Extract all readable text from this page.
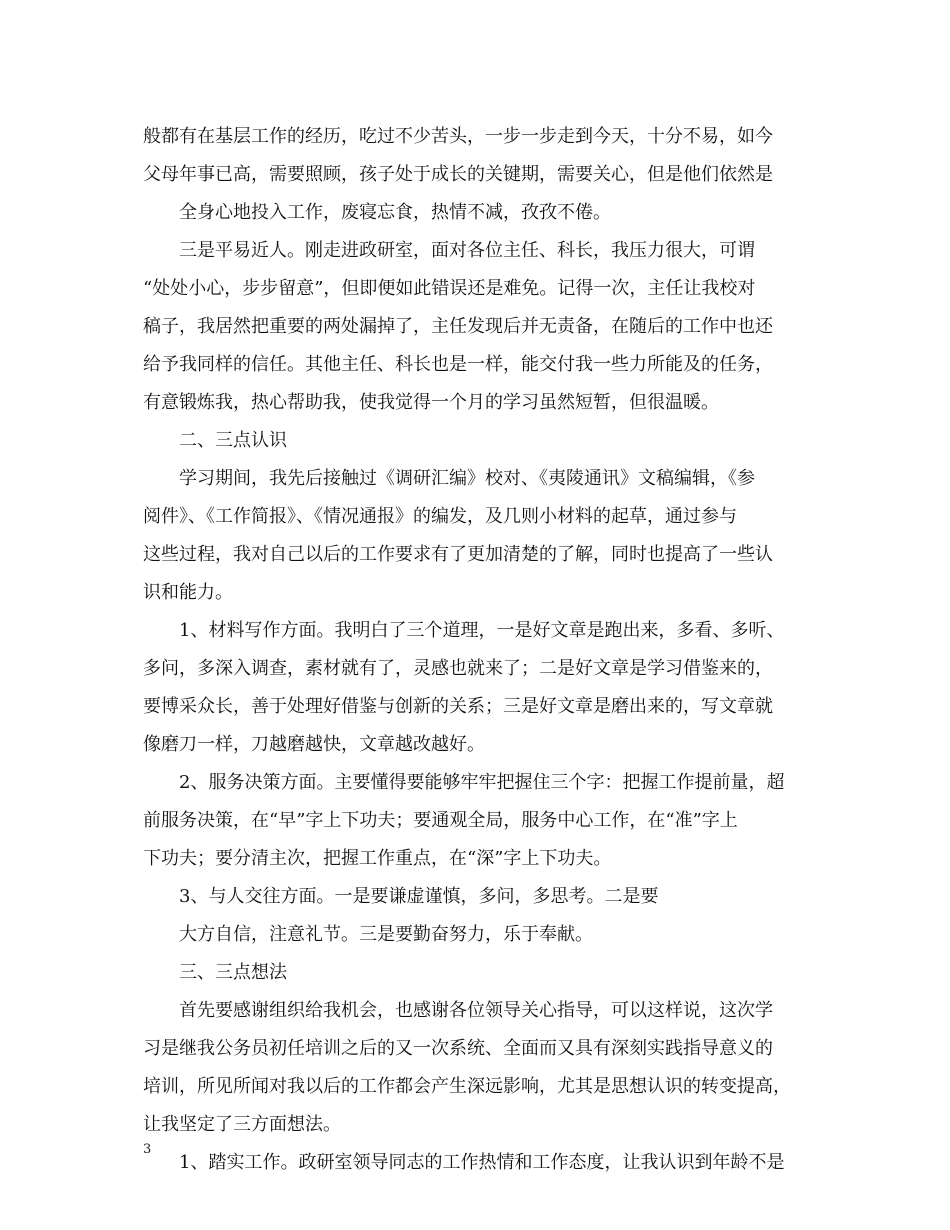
般都有在基层工作的经历，吃过不少苦头，一步一步走到今天，十分不易，如今
父母年事已高，需要照顾，孩子处于成长的关键期，需要关心，但是他们依然是
全身心地投入工作，废寝忘食，热情不减，孜孜不倦。
三是平易近人。刚走进政研室，面对各位主任、科长，我压力很大，可谓
“处处小心，步步留意”，但即便如此错误还是难免。记得一次，主任让我校对
稿子，我居然把重要的两处漏掉了，主任发现后并无责备，在随后的工作中也还
给予我同样的信任。其他主任、科长也是一样，能交付我一些力所能及的任务，
有意锻炼我，热心帮助我，使我觉得一个月的学习虽然短暂，但很温暖。
二、三点认识
学习期间，我先后接触过《调研汇编》校对、《夷陵通讯》文稿编辑，《参
阅件》、《工作简报》、《情况通报》的编发，及几则小材料的起草，通过参与
这些过程，我对自己以后的工作要求有了更加清楚的了解，同时也提高了一些认
识和能力。
1、材料写作方面。我明白了三个道理，一是好文章是跑出来，多看、多听、
多问，多深入调查，素材就有了，灵感也就来了；二是好文章是学习借鉴来的，
要博采众长，善于处理好借鉴与创新的关系；三是好文章是磨出来的，写文章就
像磨刀一样，刀越磨越快，文章越改越好。
2、服务决策方面。主要懂得要能够牢牢把握住三个字：把握工作提前量，超
前服务决策，在“早”字上下功夫；要通观全局，服务中心工作，在“准”字上
下功夫；要分清主次，把握工作重点，在“深”字上下功夫。
3、与人交往方面。一是要谦虚谨慎，多问，多思考。二是要
大方自信，注意礼节。三是要勤奋努力，乐于奉献。
三、三点想法
首先要感谢组织给我机会，也感谢各位领导关心指导，可以这样说，这次学
习是继我公务员初任培训之后的又一次系统、全面而又具有深刻实践指导意义的
培训，所见所闻对我以后的工作都会产生深远影响，尤其是思想认识的转变提高，
让我坚定了三方面想法。
1、踏实工作。政研室领导同志的工作热情和工作态度，让我认识到年龄不是
3
